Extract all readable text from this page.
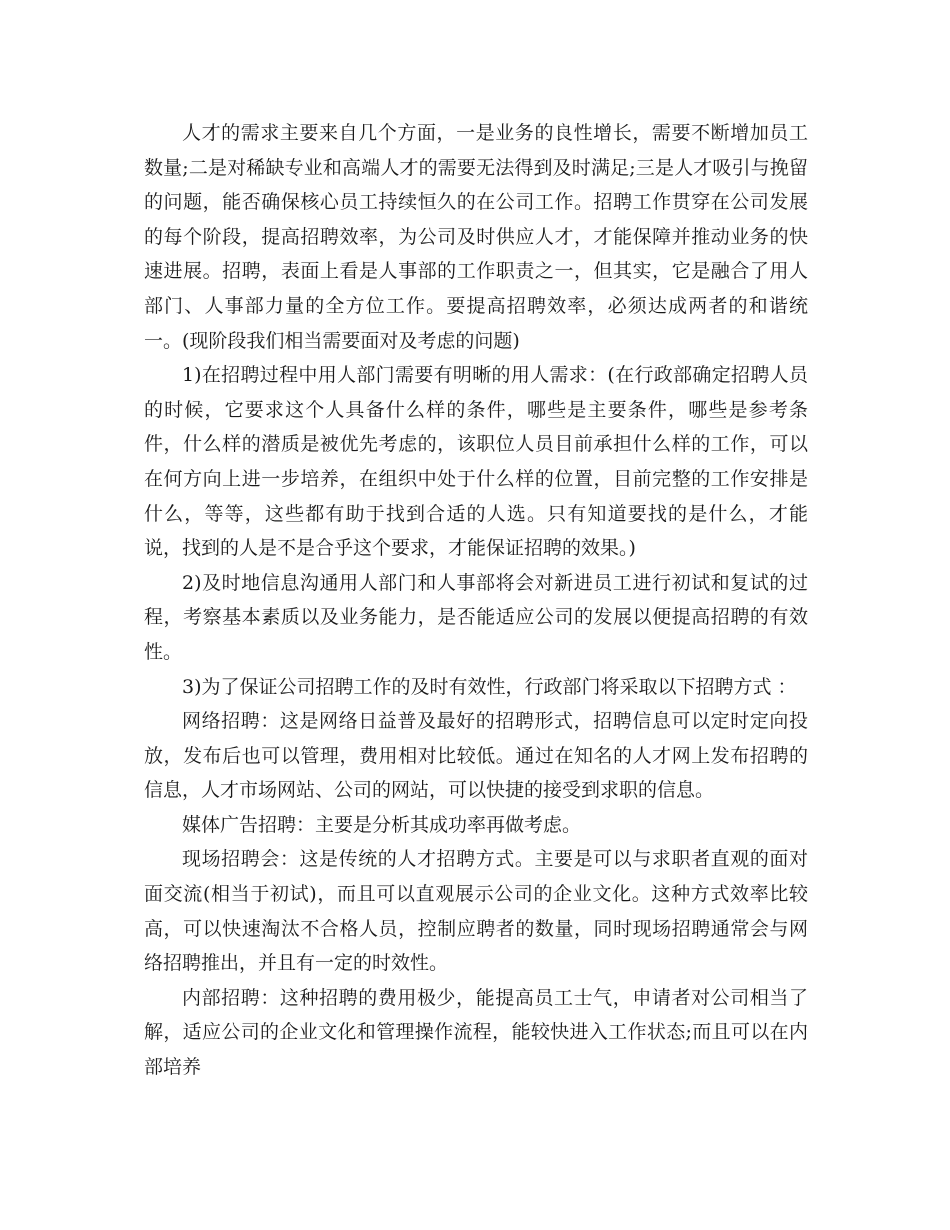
人才的需求主要来自几个方面，一是业务的良性增长，需要不断增加员工数量;二是对稀缺专业和高端人才的需要无法得到及时满足;三是人才吸引与挽留的问题，能否确保核心员工持续恒久的在公司工作。招聘工作贯穿在公司发展的每个阶段，提高招聘效率，为公司及时供应人才，才能保障并推动业务的快速进展。招聘，表面上看是人事部的工作职责之一，但其实，它是融合了用人部门、人事部力量的全方位工作。要提高招聘效率，必须达成两者的和谐统一。(现阶段我们相当需要面对及考虑的问题)

1)在招聘过程中用人部门需要有明晰的用人需求：(在行政部确定招聘人员的时候，它要求这个人具备什么样的条件，哪些是主要条件，哪些是参考条件，什么样的潜质是被优先考虑的，该职位人员目前承担什么样的工作，可以在何方向上进一步培养，在组织中处于什么样的位置，目前完整的工作安排是什么，等等，这些都有助于找到合适的人选。只有知道要找的是什么，才能说，找到的人是不是合乎这个要求，才能保证招聘的效果。)

2)及时地信息沟通用人部门和人事部将会对新进员工进行初试和复试的过程，考察基本素质以及业务能力，是否能适应公司的发展以便提高招聘的有效性。

3)为了保证公司招聘工作的及时有效性，行政部门将采取以下招聘方式 ：

网络招聘：这是网络日益普及最好的招聘形式，招聘信息可以定时定向投放，发布后也可以管理，费用相对比较低。通过在知名的人才网上发布招聘的信息，人才市场网站、公司的网站，可以快捷的接受到求职的信息。

媒体广告招聘：主要是分析其成功率再做考虑。

现场招聘会：这是传统的人才招聘方式。主要是可以与求职者直观的面对面交流(相当于初试)，而且可以直观展示公司的企业文化。这种方式效率比较高，可以快速淘汰不合格人员，控制应聘者的数量，同时现场招聘通常会与网络招聘推出，并且有一定的时效性。

内部招聘：这种招聘的费用极少，能提高员工士气，申请者对公司相当了解，适应公司的企业文化和管理操作流程，能较快进入工作状态;而且可以在内部培养
